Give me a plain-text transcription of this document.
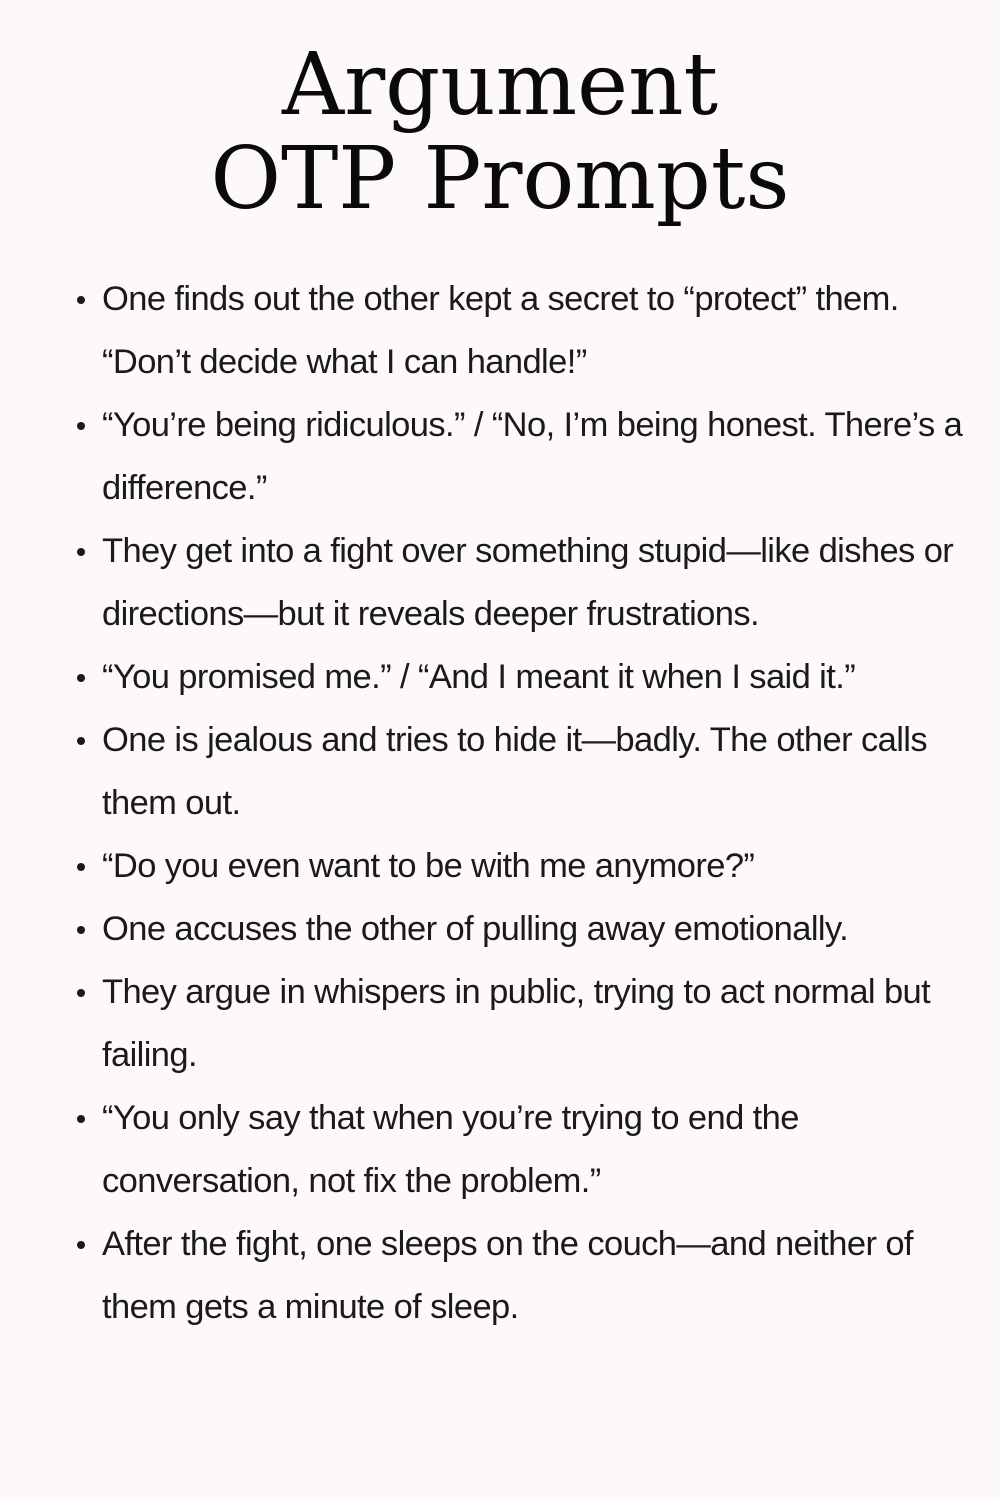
Argument
OTP Prompts
One finds out the other kept a secret to “protect” them. “Don’t decide what I can handle!”
“You’re being ridiculous.” / “No, I’m being honest. There’s a difference.”
They get into a fight over something stupid—like dishes or directions—but it reveals deeper frustrations.
“You promised me.” / “And I meant it when I said it.”
One is jealous and tries to hide it—badly. The other calls them out.
“Do you even want to be with me anymore?”
One accuses the other of pulling away emotionally.
They argue in whispers in public, trying to act normal but failing.
“You only say that when you’re trying to end the conversation, not fix the problem.”
After the fight, one sleeps on the couch—and neither of them gets a minute of sleep.
